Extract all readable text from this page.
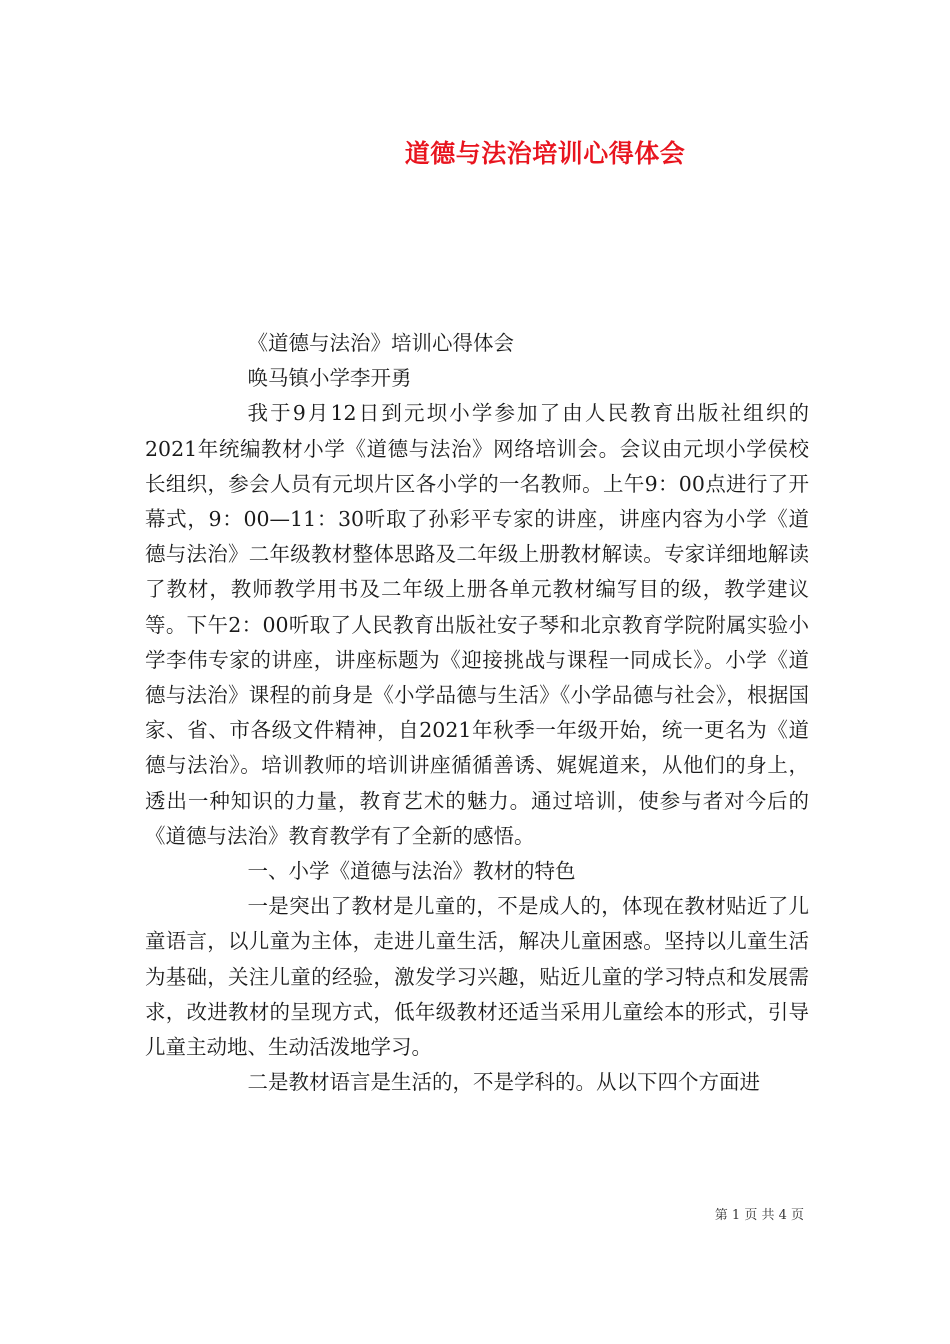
道德与法治培训心得体会

《道德与法治》培训心得体会

唤马镇小学李开勇

我于9月12日到元坝小学参加了由人民教育出版社组织的2021年统编教材小学《道德与法治》网络培训会。会议由元坝小学侯校长组织，参会人员有元坝片区各小学的一名教师。上午9：00点进行了开幕式，9：00—11：30听取了孙彩平专家的讲座，讲座内容为小学《道德与法治》二年级教材整体思路及二年级上册教材解读。专家详细地解读了教材，教师教学用书及二年级上册各单元教材编写目的级，教学建议等。下午2：00听取了人民教育出版社安子琴和北京教育学院附属实验小学李伟专家的讲座，讲座标题为《迎接挑战与课程一同成长》。小学《道德与法治》课程的前身是《小学品德与生活》《小学品德与社会》，根据国家、省、市各级文件精神，自2021年秋季一年级开始，统一更名为《道德与法治》。培训教师的培训讲座循循善诱、娓娓道来，从他们的身上，透出一种知识的力量，教育艺术的魅力。通过培训，使参与者对今后的《道德与法治》教育教学有了全新的感悟。

一、小学《道德与法治》教材的特色

一是突出了教材是儿童的，不是成人的，体现在教材贴近了儿童语言，以儿童为主体，走进儿童生活，解决儿童困惑。坚持以儿童生活为基础，关注儿童的经验，激发学习兴趣，贴近儿童的学习特点和发展需求，改进教材的呈现方式，低年级教材还适当采用儿童绘本的形式，引导儿童主动地、生动活泼地学习。

二是教材语言是生活的，不是学科的。从以下四个方面进

第 1 页 共 4 页
